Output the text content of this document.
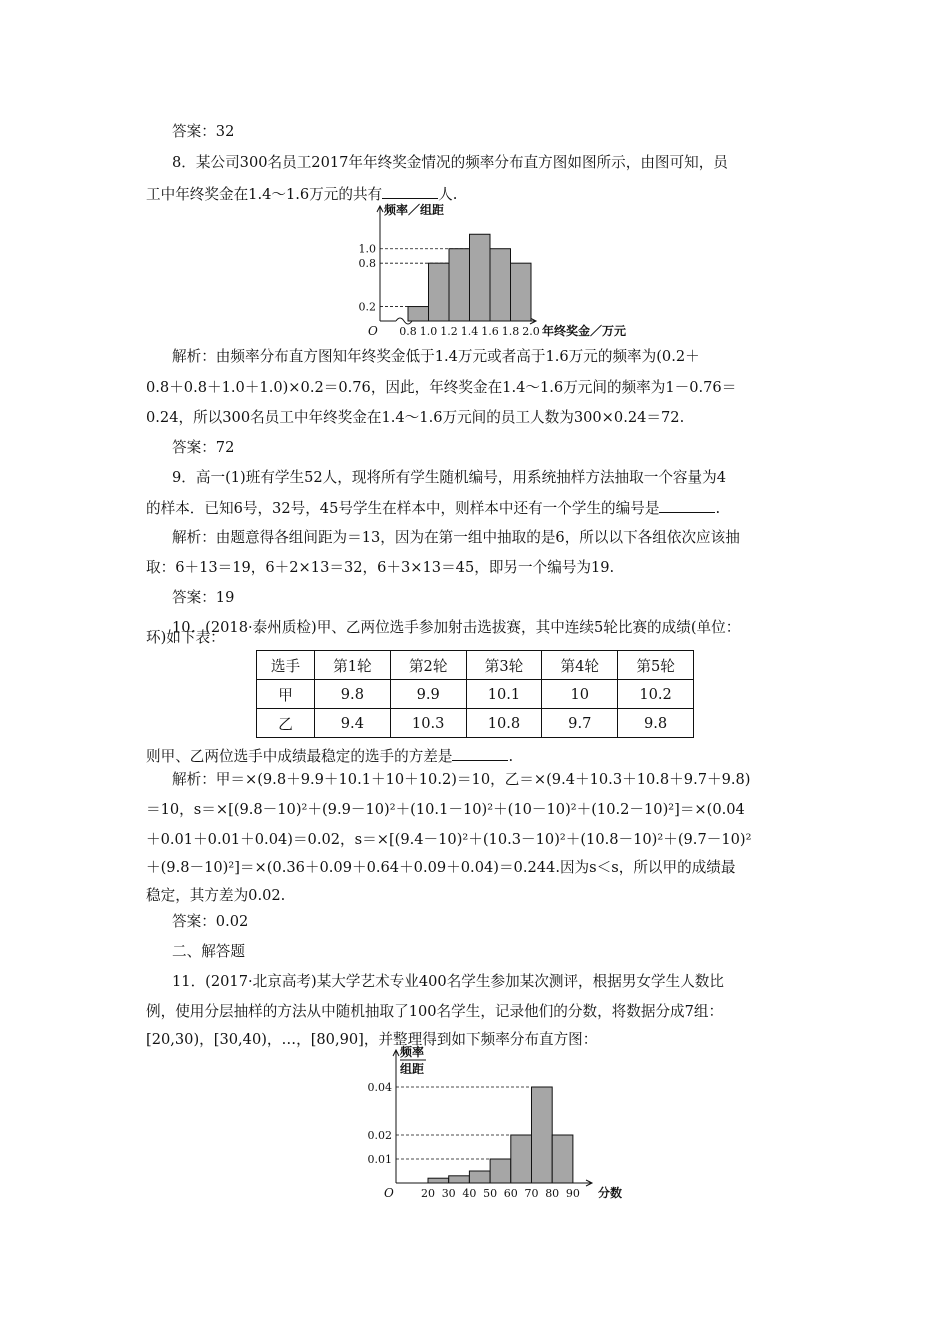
答案：32
8．某公司300名员工2017年年终奖金情况的频率分布直方图如图所示，由图可知，员
工中年终奖金在1.4～1.6万元的共有	人.
O
0.2
0.8
1.0
0.8 1.0 1.2 1.4 1.6 1.8 2.0 年终奖金／万元
频率／组距
解析：由频率分布直方图知年终奖金低于1.4万元或者高于1.6万元的频率为(0.2＋
0.8＋0.8＋1.0＋1.0)×0.2＝0.76，因此，年终奖金在1.4～1.6万元间的频率为1－0.76＝
0.24，所以300名员工中年终奖金在1.4～1.6万元间的员工人数为300×0.24＝72.
答案：72
9．高一(1)班有学生52人，现将所有学生随机编号，用系统抽样方法抽取一个容量为4
的样本．已知6号，32号，45号学生在样本中，则样本中还有一个学生的编号是	.
解析：由题意得各组间距为＝13，因为在第一组中抽取的是6，所以以下各组依次应该抽
取：6＋13＝19，6＋2×13＝32，6＋3×13＝45，即另一个编号为19.
答案：19
10．(2018·泰州质检)甲、乙两位选手参加射击选拔赛，其中连续5轮比赛的成绩(单位：
环)如下表：
选手	第1轮	第2轮	第3轮	第4轮	第5轮
甲	9.8	9.9	10.1	10	10.2
乙	9.4	10.3	10.8	9.7	9.8
则甲、乙两位选手中成绩最稳定的选手的方差是	.
解析：甲＝×(9.8＋9.9＋10.1＋10＋10.2)＝10，乙＝×(9.4＋10.3＋10.8＋9.7＋9.8)
＝10，s＝×[(9.8－10)²＋(9.9－10)²＋(10.1－10)²＋(10－10)²＋(10.2－10)²]＝×(0.04
＋0.01＋0.01＋0.04)＝0.02，s＝×[(9.4－10)²＋(10.3－10)²＋(10.8－10)²＋(9.7－10)²
＋(9.8－10)²]＝×(0.36＋0.09＋0.64＋0.09＋0.04)＝0.244.因为s＜s，所以甲的成绩最
稳定，其方差为0.02.
答案：0.02
二、解答题
11．(2017·北京高考)某大学艺术专业400名学生参加某次测评，根据男女学生人数比
例，使用分层抽样的方法从中随机抽取了100名学生，记录他们的分数，将数据分成7组：
[20,30)，[30,40)，…，[80,90]，并整理得到如下频率分布直方图：
O
0.01
0.02
0.04
20 30 40 50 60 70 80 90 分数
频率
组距
